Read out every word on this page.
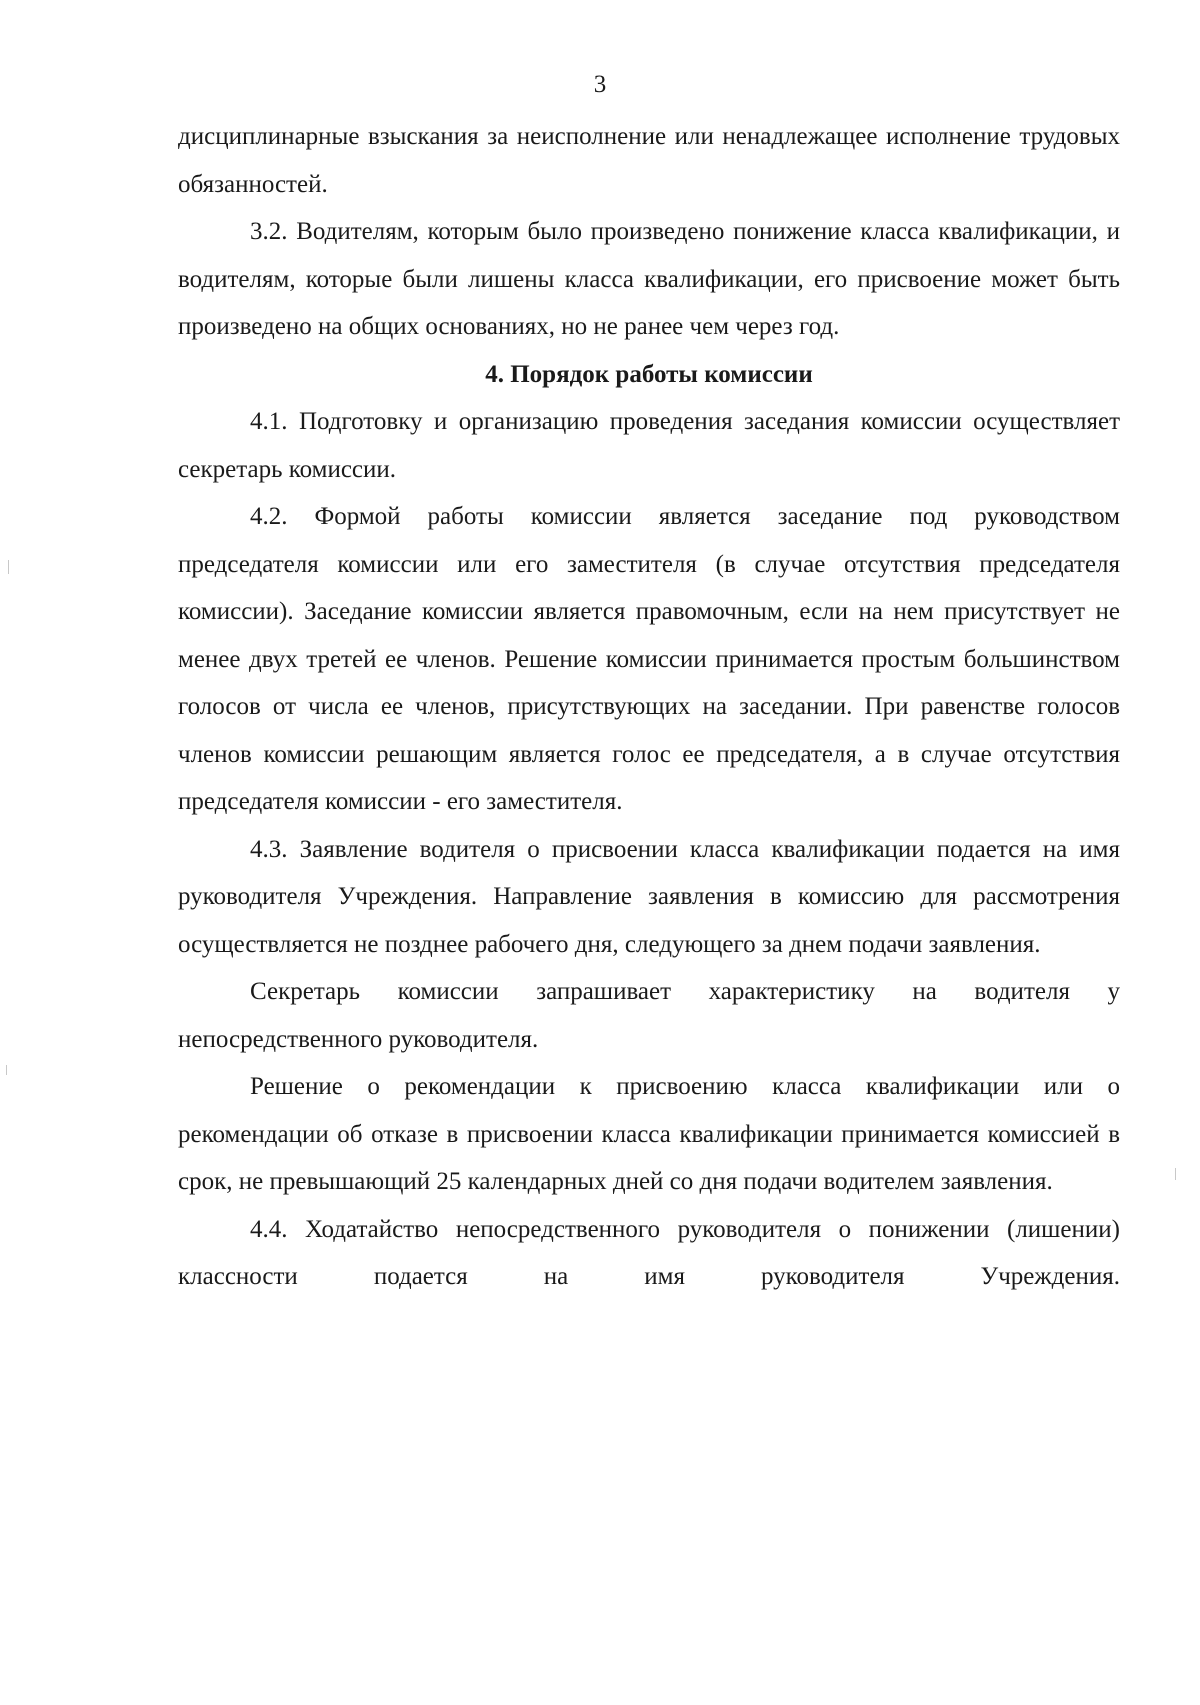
3

дисциплинарные взыскания за неисполнение или ненадлежащее исполнение трудовых обязанностей.

3.2. Водителям, которым было произведено понижение класса квалификации, и водителям, которые были лишены класса квалификации, его присвоение может быть произведено на общих основаниях, но не ранее чем через год.

4. Порядок работы комиссии

4.1. Подготовку и организацию проведения заседания комиссии осуществляет секретарь комиссии.

4.2. Формой работы комиссии является заседание под руководством председателя комиссии или его заместителя (в случае отсутствия председателя комиссии). Заседание комиссии является правомочным, если на нем присутствует не менее двух третей ее членов. Решение комиссии принимается простым большинством голосов от числа ее членов, присутствующих на заседании. При равенстве голосов членов комиссии решающим является голос ее председателя, а в случае отсутствия председателя комиссии - его заместителя.

4.3. Заявление водителя о присвоении класса квалификации подается на имя руководителя Учреждения. Направление заявления в комиссию для рассмотрения осуществляется не позднее рабочего дня, следующего за днем подачи заявления.

Секретарь комиссии запрашивает характеристику на водителя у непосредственного руководителя.

Решение о рекомендации к присвоению класса квалификации или о рекомендации об отказе в присвоении класса квалификации принимается комиссией в срок, не превышающий 25 календарных дней со дня подачи водителем заявления.

4.4. Ходатайство непосредственного руководителя о понижении (лишении) классности подается на имя руководителя Учреждения.
